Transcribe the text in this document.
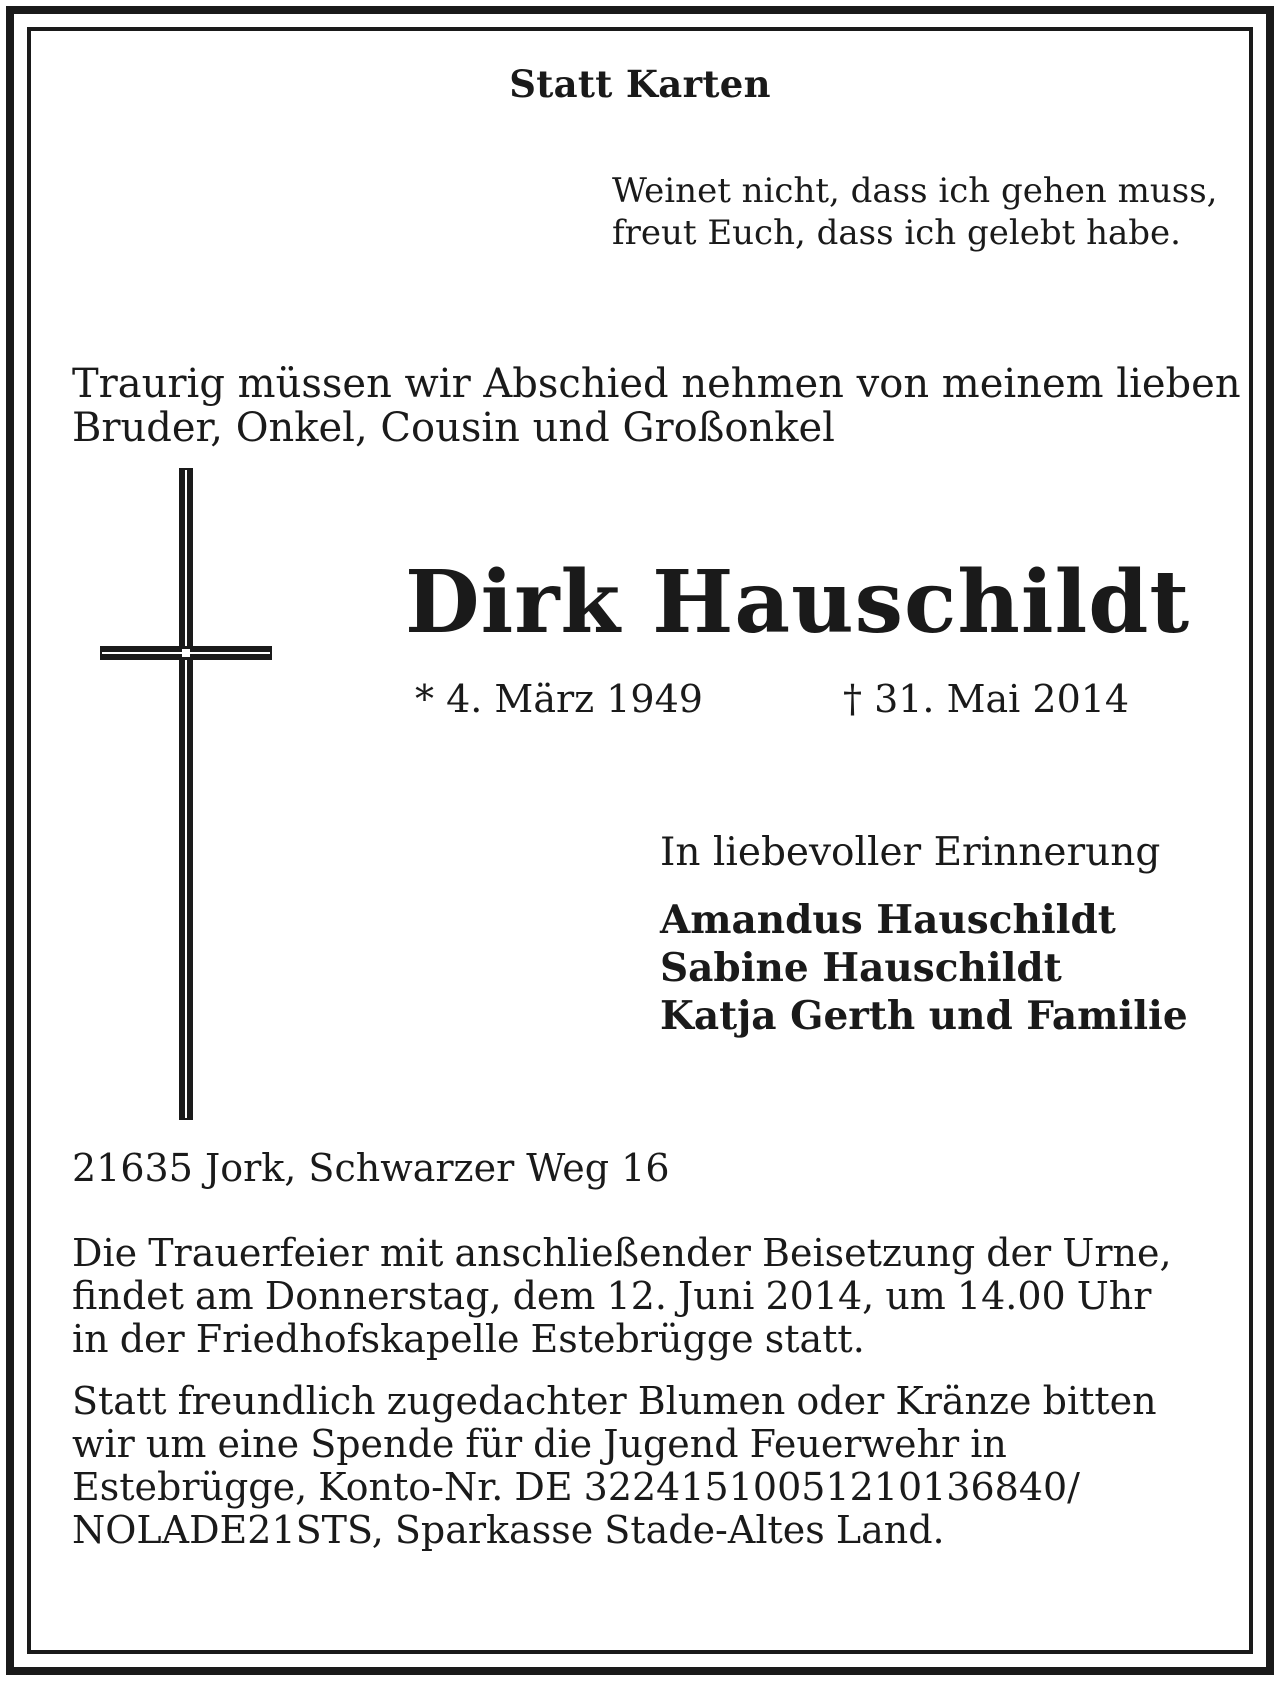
Statt Karten
Weinet nicht, dass ich gehen muss,
freut Euch, dass ich gelebt habe.
Traurig müssen wir Abschied nehmen von meinem lieben
Bruder, Onkel, Cousin und Großonkel
Dirk Hauschildt
* 4. März 1949	† 31. Mai 2014
In liebevoller Erinnerung
Amandus Hauschildt
Sabine Hauschildt
Katja Gerth und Familie
21635 Jork, Schwarzer Weg 16
Die Trauerfeier mit anschließender Beisetzung der Urne,
findet am Donnerstag, dem 12. Juni 2014, um 14.00 Uhr
in der Friedhofskapelle Estebrügge statt.
Statt freundlich zugedachter Blumen oder Kränze bitten
wir um eine Spende für die Jugend Feuerwehr in
Estebrügge, Konto-Nr. DE 32241510051210136840/
NOLADE21STS, Sparkasse Stade-Altes Land.
